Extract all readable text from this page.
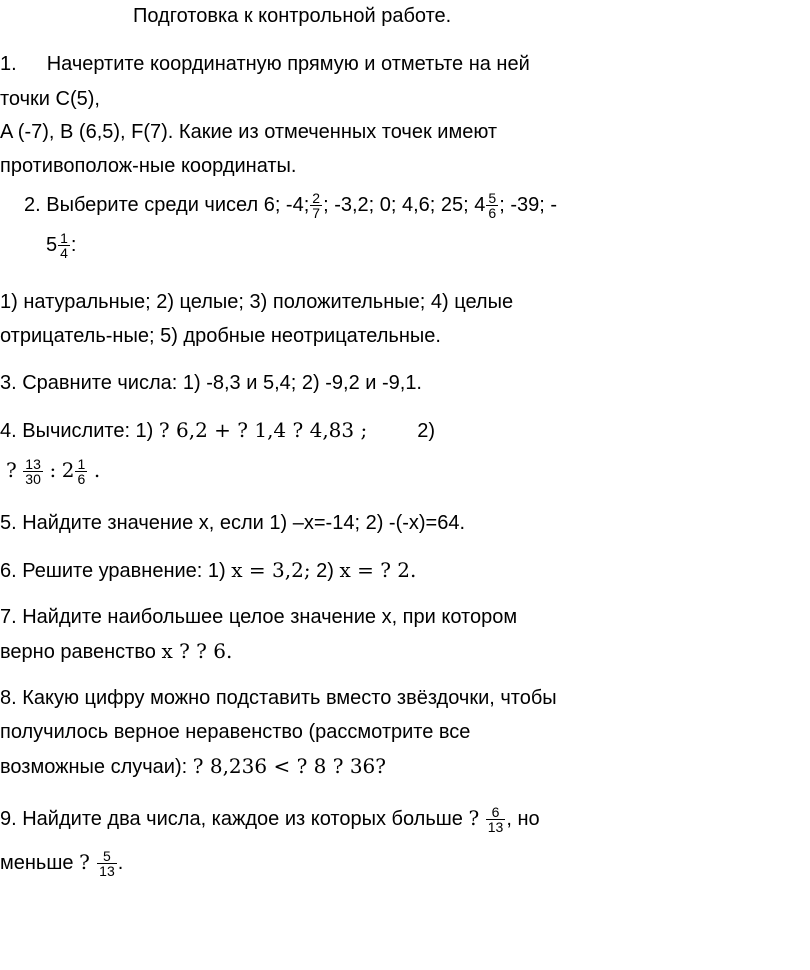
Подготовка к контрольной работе.
1. Начертите координатную прямую и отметьте на ней
точки C(5),
A (-7), B (6,5), F(7). Какие из отмеченных точек имеют
противополож-ные координаты.
2. Выберите среди чисел 6; -4; $\frac{2}{7}$ ; -3,2; 0; 4,6; 25; $4 \frac{5}{6}$ ; -39; -
$5 \frac{1}{4}$ :
1) натуральные; 2) целые; 3) положительные; 4) целые
отрицатель-ные; 5) дробные неотрицательные.
3. Сравните числа: 1) -8,3 и 5,4; 2) -9,2 и -9,1.
4. Вычислите: 1) ? 6,2 + ? 1,4 ? 4,83 ;	2)
? $\frac{13}{30}$ : $2 \frac{1}{6}$ .
5. Найдите значение x, если 1) –x=-14; 2) -(-x)=64.
6. Решите уравнение: 1) x = 3,2; 2) x = ? 2.
7. Найдите наибольшее целое значение x, при котором
верно равенство x ? ? 6.
8. Какую цифру можно подставить вместо звёздочки, чтобы
получилось верное неравенство (рассмотрите все
возможные случаи): ? 8,236 < ? 8 ? 36?
9. Найдите два числа, каждое из которых больше ? $\frac{6}{13}$ , но
меньше ? $\frac{5}{13}$ .
